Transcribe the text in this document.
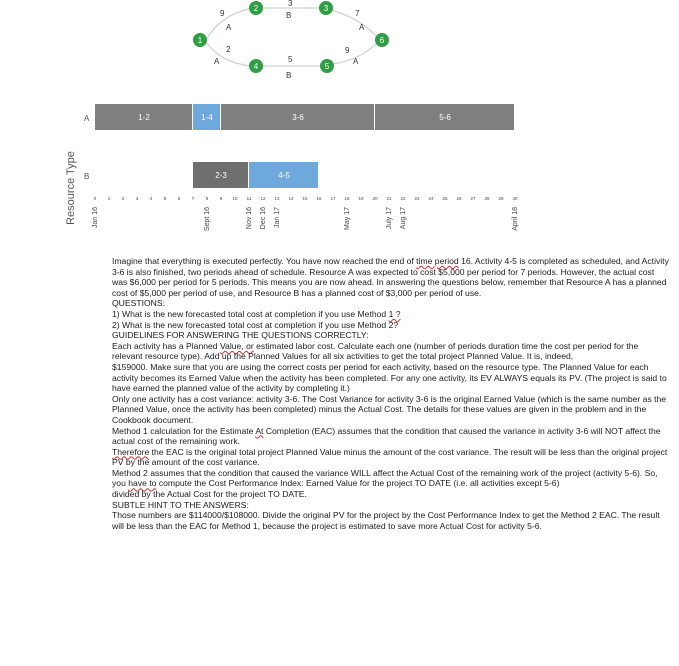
9
A
3
B	7
A
2
A	5
B
9
A
1
2	3
4	5
6
Resource Type
A
B
1-2	1-4	3-6	5-6
2-3	4-5
0	1	2	3	4	5	6	7	8	9 10 11 12 13 14 15 16 17 18 19 20 21 22 23 24 25 26 27 28 29 30
Jan 16	Sept 16	Nov 16 Dec 16 Jan 17	May 17	July 17 Aug 17	April 18

Imagine that everything is executed perfectly. You have now reached the end of time period 16. Activity 4-5 is completed as scheduled, and Activity 3-6 is also finished, two periods ahead of schedule. Resource A was expected to cost $5,000 per period for 7 periods. However, the actual cost was $6,000 per period for 5 periods. This means you are now ahead. In answering the questions below, remember that Resource A has a planned cost of $5,000 per period of use, and Resource B has a planned cost of $3,000 per period of use.

QUESTIONS:

1) What is the new forecasted total cost at completion if you use Method 1 ?

2) What is the new forecasted total cost at completion if you use Method 2?

GUIDELINES FOR ANSWERING THE QUESTIONS CORRECTLY:

Each activity has a Planned Value, or estimated labor cost. Calculate each one (number of periods duration time the cost per period for the relevant resource type). Add up the Planned Values for all six activities to get the total project Planned Value. It is, indeed,

$159000. Make sure that you are using the correct costs per period for each activity, based on the resource type. The Planned Value for each activity becomes its Earned Value when the activity has been completed. For any one activity, its EV ALWAYS equals its PV. (The project is said to have earned the planned value of the activity by completing it.)

Only one activity has a cost variance: activity 3-6. The Cost Variance for activity 3-6 is the original Earned Value (which is the same number as the Planned Value, once the activity has been completed) minus the Actual Cost. The details for these values are given in the problem and in the Cookbook document.

Method 1 calculation for the Estimate At Completion (EAC) assumes that the condition that caused the variance in activity 3-6 will NOT affect the actual cost of the remaining work.

Therefore the EAC is the original total project Planned Value minus the amount of the cost variance. The result will be less than the original project PV by the amount of the cost variance.

Method 2 assumes that the condition that caused the variance WILL affect the Actual Cost of the remaining work of the project (activity 5-6). So, you have to compute the Cost Performance Index: Earned Value for the project TO DATE (i.e. all activities except 5-6)

divided by the Actual Cost for the project TO DATE.

SUBTLE HINT TO THE ANSWERS:

Those numbers are $114000/$108000. Divide the original PV for the project by the Cost Performance Index to get the Method 2 EAC. The result will be less than the EAC for Method 1, because the project is estimated to save more Actual Cost for activity 5-6.
